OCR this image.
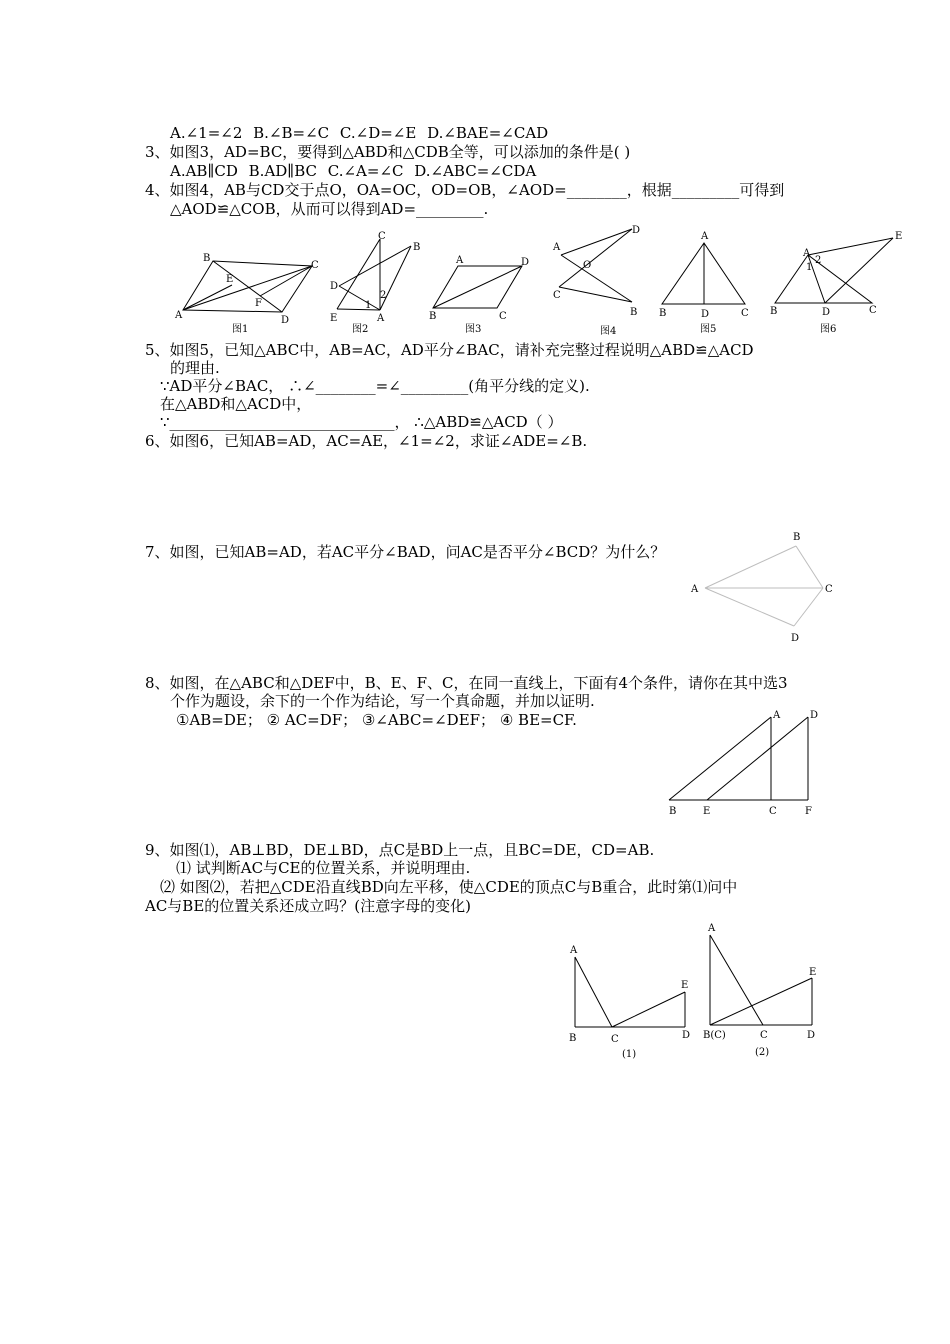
A.∠1=∠2 B.∠B=∠C C.∠D=∠E D.∠BAE=∠CAD
3、如图3，AD=BC，要得到△ABD和△CDB全等，可以添加的条件是( )
A.AB∥CD B.AD∥BC C.∠A=∠C D.∠ABC=∠CDA
4、如图4，AB与CD交于点O，OA=OC，OD=OB，∠AOD=________，根据_________可得到
△AOD≌△COB，从而可以得到AD=_________.
B
E
C
A
F
D
图1
C
B
D
1
2
E	A
图2
A	D
B	C
图3
D
A
O
C
B
图4
A
B	D	C
图5
E
A
1
2
B	D	C
图6
5、如图5，已知△ABC中，AB=AC，AD平分∠BAC，请补充完整过程说明△ABD≌△ACD
的理由.
∵AD平分∠BAC， ∴∠________=∠_________(角平分线的定义).
在△ABD和△ACD中，
∵______________________________， ∴△ABD≌△ACD（ ）
6、如图6，已知AB=AD，AC=AE，∠1=∠2，求证∠ADE=∠B.
7、如图，已知AB=AD，若AC平分∠BAD，问AC是否平分∠BCD？为什么？
B
A	C
D
8、如图，在△ABC和△DEF中，B、E、F、C，在同一直线上，下面有4个条件，请你在其中选3
个作为题设，余下的一个作为结论，写一个真命题，并加以证明.
①AB=DE； ② AC=DF； ③∠ABC=∠DEF； ④ BE=CF.	A	D
B	E	C	F
9、如图⑴，AB⊥BD，DE⊥BD，点C是BD上一点，且BC=DE，CD=AB.
⑴ 试判断AC与CE的位置关系，并说明理由.
⑵ 如图⑵，若把△CDE沿直线BD向左平移，使△CDE的顶点C与B重合，此时第⑴问中
AC与BE的位置关系还成立吗？(注意字母的变化)
A
E
B	C	D
(1)
A
E
B(C)	C	D
(2)
